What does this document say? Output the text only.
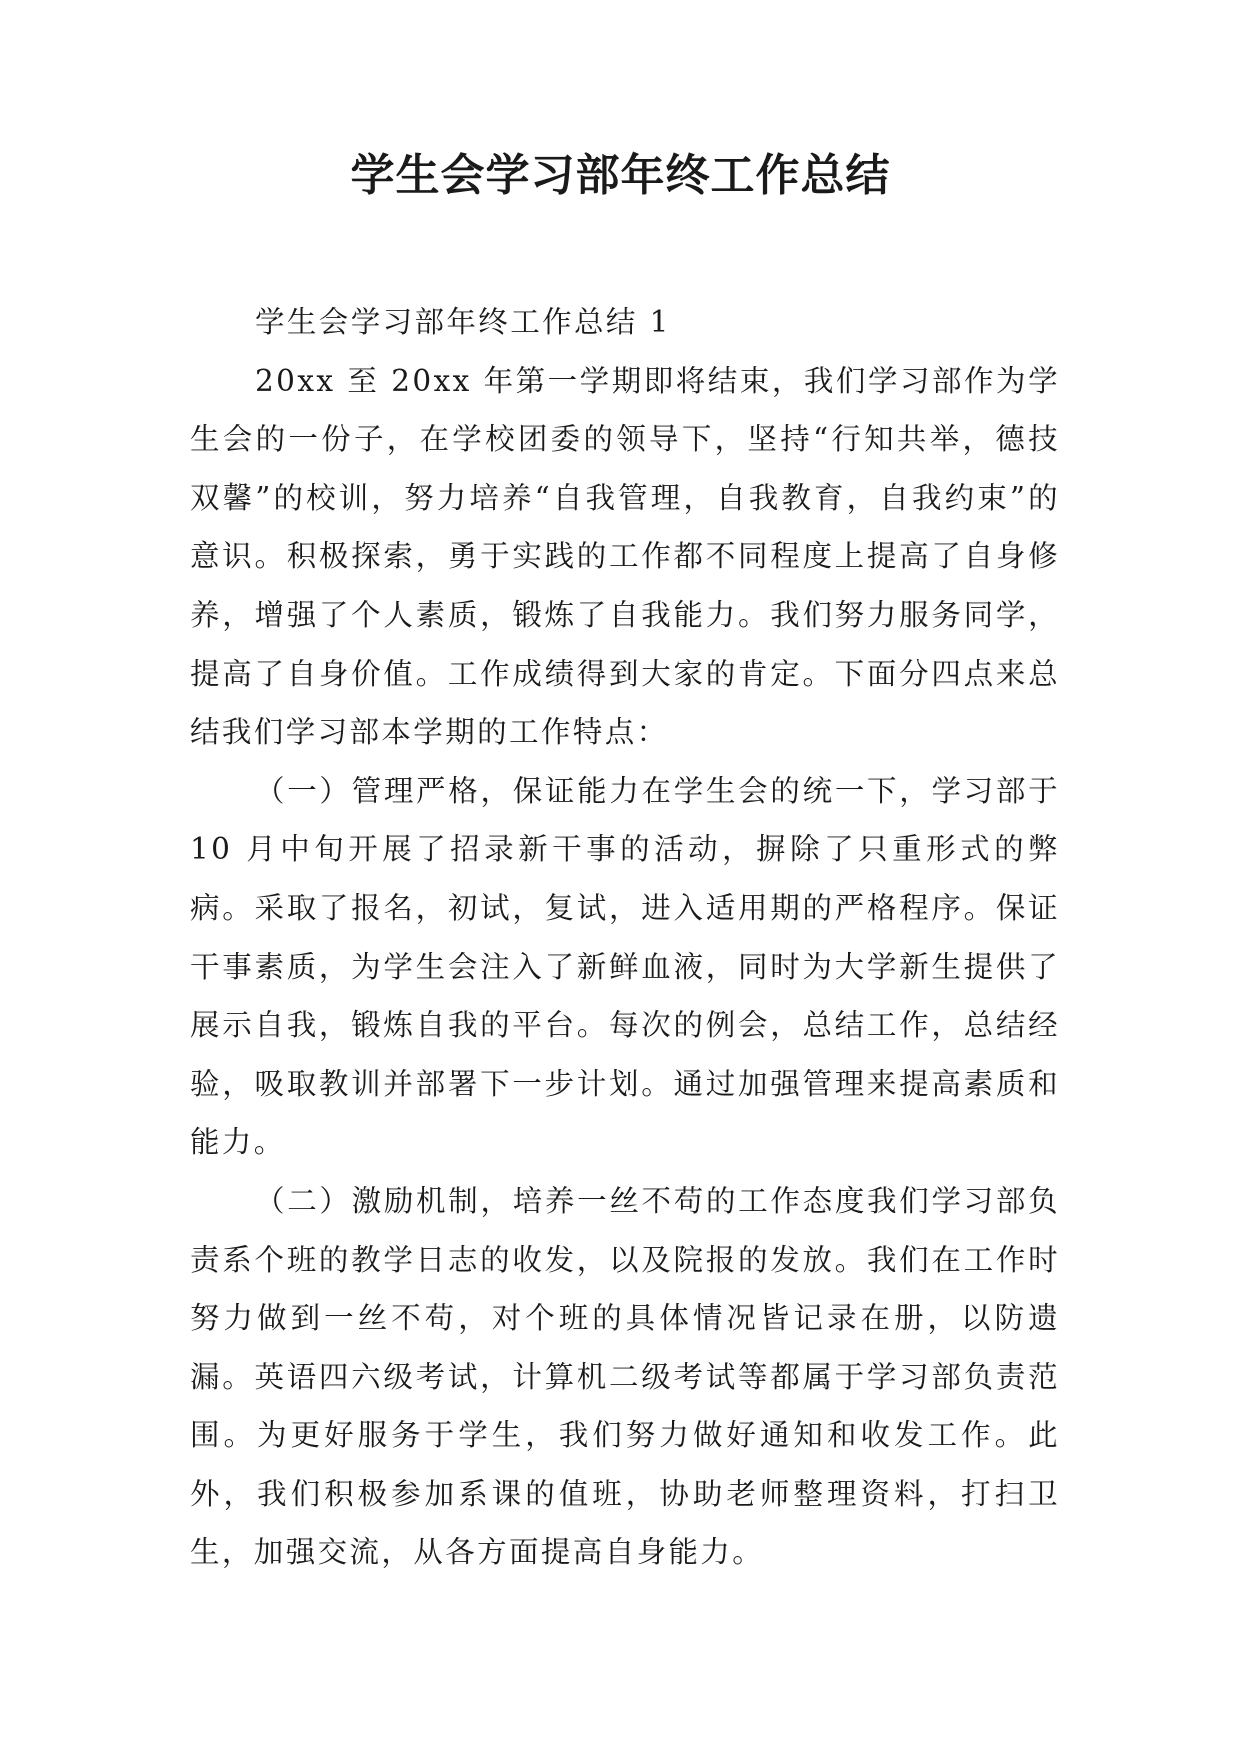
学生会学习部年终工作总结

学生会学习部年终工作总结 1

20xx 至 20xx 年第一学期即将结束，我们学习部作为学生会的一份子，在学校团委的领导下，坚持“行知共举，德技双馨”的校训，努力培养“自我管理，自我教育，自我约束”的意识。积极探索，勇于实践的工作都不同程度上提高了自身修养，增强了个人素质，锻炼了自我能力。我们努力服务同学，提高了自身价值。工作成绩得到大家的肯定。下面分四点来总结我们学习部本学期的工作特点：

（一）管理严格，保证能力在学生会的统一下，学习部于 10 月中旬开展了招录新干事的活动，摒除了只重形式的弊病。采取了报名，初试，复试，进入适用期的严格程序。保证干事素质，为学生会注入了新鲜血液，同时为大学新生提供了展示自我，锻炼自我的平台。每次的例会，总结工作，总结经验，吸取教训并部署下一步计划。通过加强管理来提高素质和能力。

（二）激励机制，培养一丝不苟的工作态度我们学习部负责系个班的教学日志的收发，以及院报的发放。我们在工作时努力做到一丝不苟，对个班的具体情况皆记录在册，以防遗漏。英语四六级考试，计算机二级考试等都属于学习部负责范围。为更好服务于学生，我们努力做好通知和收发工作。此外，我们积极参加系课的值班，协助老师整理资料，打扫卫生，加强交流，从各方面提高自身能力。
